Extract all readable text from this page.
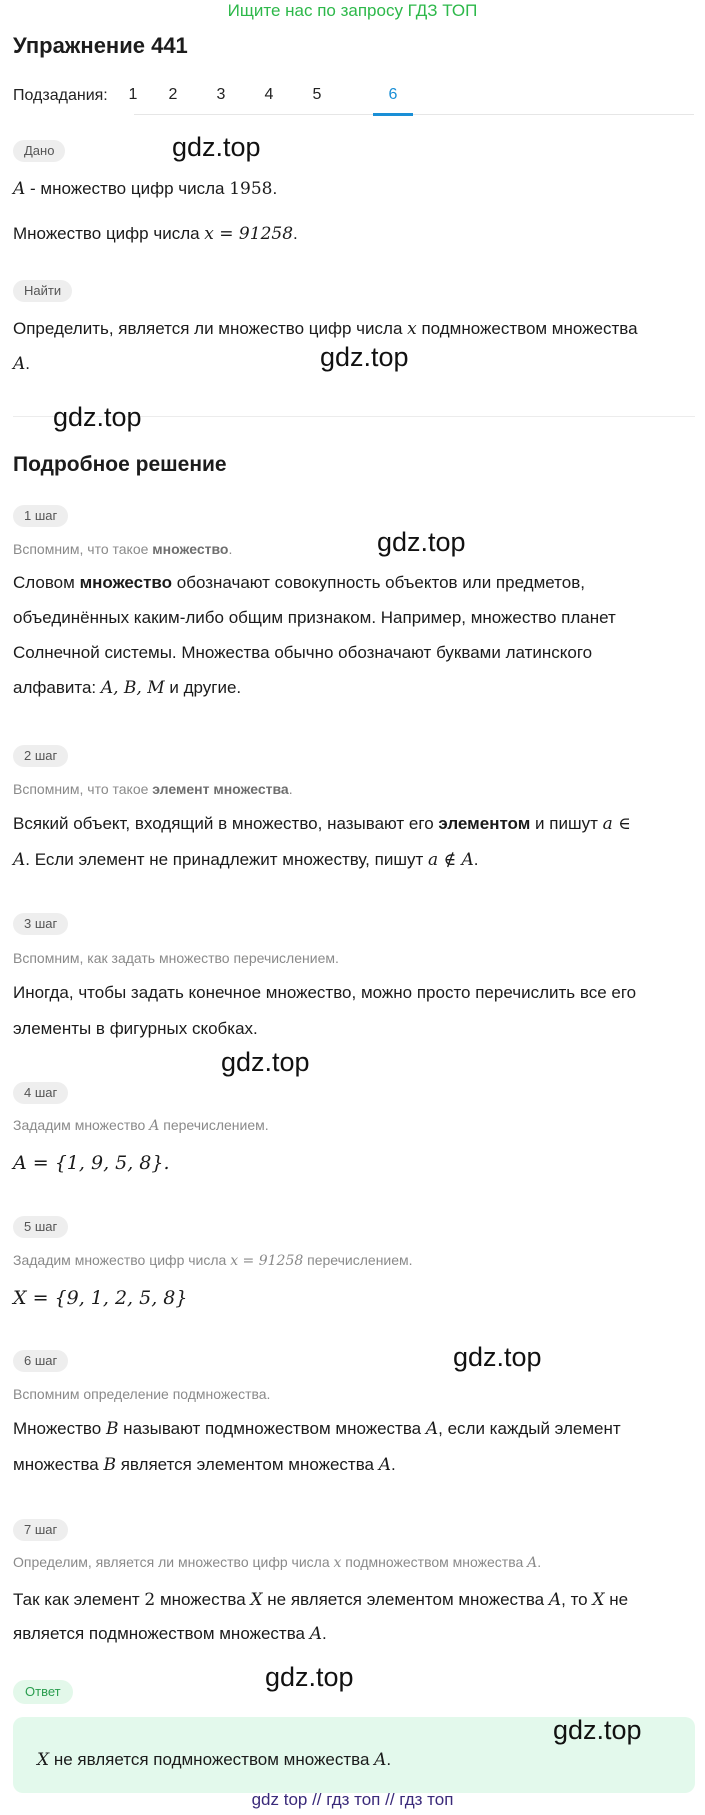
Ищите нас по запросу ГДЗ ТОП
Упражнение 441
Подзадания:	1	2	3	4	5	6
Дано
A - множество цифр числа 1958.
Множество цифр числа x = 91258.
Найти
Определить, является ли множество цифр числа x подмножеством множества
A.
Подробное решение
1 шаг
Вспомним, что такое множество.
Словом множество обозначают совокупность объектов или предметов,
объединённых каким-либо общим признаком. Например, множество планет
Солнечной системы. Множества обычно обозначают буквами латинского
алфавита: A, B, M и другие.
2 шаг
Вспомним, что такое элемент множества.
Всякий объект, входящий в множество, называют его элементом и пишут a ∈
A. Если элемент не принадлежит множеству, пишут a ∉ A.
3 шаг
Вспомним, как задать множество перечислением.
Иногда, чтобы задать конечное множество, можно просто перечислить все его
элементы в фигурных скобках.
4 шаг
Зададим множество A перечислением.
A = {1, 9, 5, 8}.
5 шаг
Зададим множество цифр числа x = 91258 перечислением.
X = {9, 1, 2, 5, 8}
6 шаг
Вспомним определение подмножества.
Множество B называют подмножеством множества A, если каждый элемент
множества B является элементом множества A.
7 шаг
Определим, является ли множество цифр числа x подмножеством множества A.
Так как элемент 2 множества X не является элементом множества A, то X не
является подмножеством множества A.
Ответ
X не является подмножеством множества A.
gdz.top
gdz.top
gdz.top
gdz.top
gdz.top
gdz.top
gdz.top
gdz.top
gdz top // гдз топ // гдз топ
